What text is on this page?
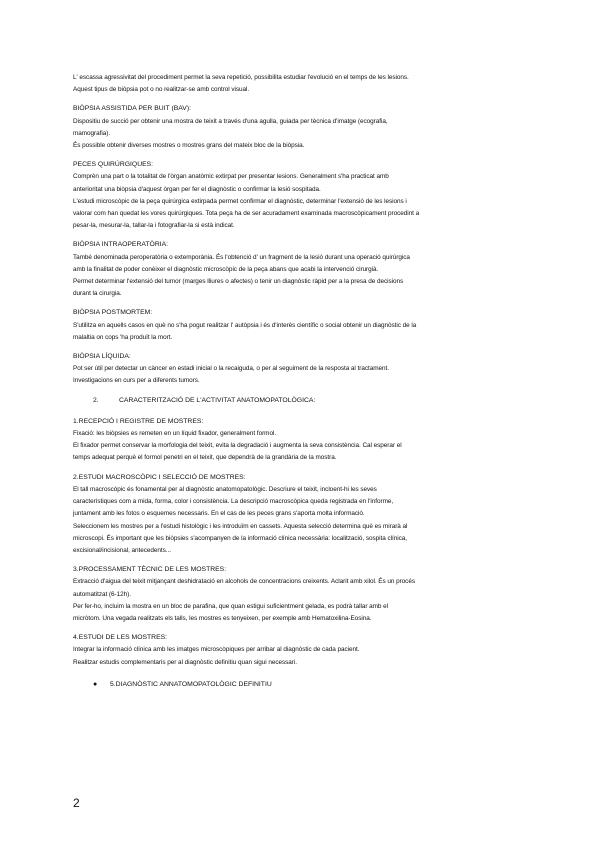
L' escassa agressivitat del procediment permet la seva repetició, possibilita estudiar l'evolució en el temps de les lesions.

Aquest tipus de biòpsia pot o no realitzar-se amb control visual.

BIÒPSIA ASSISTIDA PER BUIT (BAV):

Dispositiu de succió per obtenir una mostra de teixit a través d'una agulla, guiada per tècnica d'imatge (ecografia,

mamografia).

És possible obtenir diverses mostres o mostres grans del mateix bloc de la biòpsia.

PECES QUIRÚRGIQUES:

Comprèn una part o la totalitat de l'òrgan anatòmic extirpat per presentar lesions. Generalment s'ha practicat amb

anterioritat una biòpsia d'aquest òrgan per fer el diagnòstic o confirmar la lesió sospitada.

L'estudi microscòpic de la peça quirúrgica extirpada permet confirmar el diagnòstic, determinar l'extensió de les lesions i

valorar com han quedat les vores quirúrgiques. Tota peça ha de ser acuradament examinada macroscòpicament procedint a

pesar-la, mesurar-la, tallar-la i fotografiar-la si està indicat.

BIÒPSIA INTRAOPERATÒRIA:

També denominada peroperatòria o extemporània. És l'obtenció d' un fragment de la lesió durant una operació quirúrgica

amb la finalitat de poder conèixer el diagnòstic microscòpic de la peça abans que acabi la intervenció cirurgià.

Permet determinar l'extensió del tumor (marges lliures o afectes) o tenir un diagnòstic ràpid per a la presa de decisions

durant la cirurgia.

BIÒPSIA POSTMORTEM:

S'utilitza en aquells casos en què no s'ha pogut realitzar l' autòpsia i és d'interès científic o social obtenir un diagnòstic de la

malaltia on cops 'ha produït la mort.

BIÒPSIA LÍQUIDA:

Pot ser útil per detectar un càncer en estadi inicial o la recaiguda, o per al seguiment de la resposta al tractament.

Investigacions en curs per a diferents tumors.

2.	CARACTERITZACIÓ DE L'ACTIVITAT ANATOMOPATOLÒGICA:

1.RECEPCIÓ I REGISTRE DE MOSTRES:

Fixació: les biòpsies es remeten en un líquid fixador, generalment formol.

El fixador permet conservar la morfologia del teixit, evita la degradació i augmenta la seva consistència. Cal esperar el

temps adequat perquè el formol penetri en el teixit, que dependrà de la grandària de la mostra.

2.ESTUDI MACROSCÒPIC I SELECCIÓ DE MOSTRES:

El tall macroscòpic és fonamental per al diagnòstic anatomopatològic. Descriure el teixit, incloent-hi les seves

característiques com a mida, forma, color i consistència. La descripció macroscòpica queda registrada en l'informe,

juntament amb les fotos o esquemes necessaris. En el cas de les peces grans s'aporta molta informació.

Seleccionem les mostres per a l'estudi histològic i les introduïm en cassets. Aquesta selecció determina què es mirarà al

microscopi. És important que les biòpsies s'acompanyen de la informació clínica necessària: localització, sospita clínica,

excisional/incisional, antecedents...

3.PROCESSAMENT TÈCNIC DE LES MOSTRES:

Extracció d'aigua del teixit mitjançant deshidratació en alcohols de concentracions creixents. Aclarit amb xilol. És un procés

automatitzat (6-12h).

Per fer-ho, incluim la mostra en un bloc de parafina, que quan estigui suficientment gelada, es podrà tallar amb el

micròtom. Una vegada realitzats els talls, les mostres es tenyeixen, per exemple amb Hematoxilina-Eosina.

4.ESTUDI DE LES MOSTRES:

Integrar la informació clínica amb les imatges microscòpiques per arribar al diagnòstic de cada pacient.

Realitzar estudis complementaris per al diagnòstic definitiu quan sigui necessari.

● 5.DIAGNÒSTIC ANNATOMOPATOLÒGIC DEFINITIU
2
